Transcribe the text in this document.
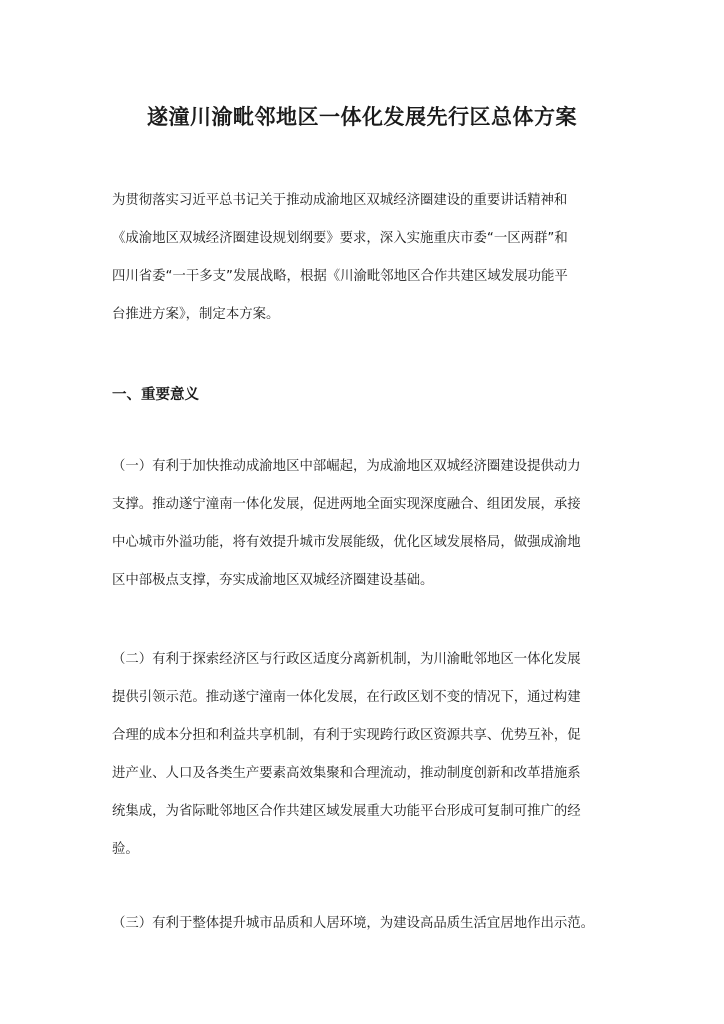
遂潼川渝毗邻地区一体化发展先行区总体方案
为贯彻落实习近平总书记关于推动成渝地区双城经济圈建设的重要讲话精神和
《成渝地区双城经济圈建设规划纲要》要求，深入实施重庆市委“一区两群”和
四川省委“一干多支”发展战略，根据《川渝毗邻地区合作共建区域发展功能平
台推进方案》，制定本方案。
一、重要意义
（一）有利于加快推动成渝地区中部崛起，为成渝地区双城经济圈建设提供动力
支撑。推动遂宁潼南一体化发展，促进两地全面实现深度融合、组团发展，承接
中心城市外溢功能，将有效提升城市发展能级，优化区域发展格局，做强成渝地
区中部极点支撑，夯实成渝地区双城经济圈建设基础。
（二）有利于探索经济区与行政区适度分离新机制，为川渝毗邻地区一体化发展
提供引领示范。推动遂宁潼南一体化发展，在行政区划不变的情况下，通过构建
合理的成本分担和利益共享机制，有利于实现跨行政区资源共享、优势互补，促
进产业、人口及各类生产要素高效集聚和合理流动，推动制度创新和改革措施系
统集成，为省际毗邻地区合作共建区域发展重大功能平台形成可复制可推广的经
验。
（三）有利于整体提升城市品质和人居环境，为建设高品质生活宜居地作出示范。
